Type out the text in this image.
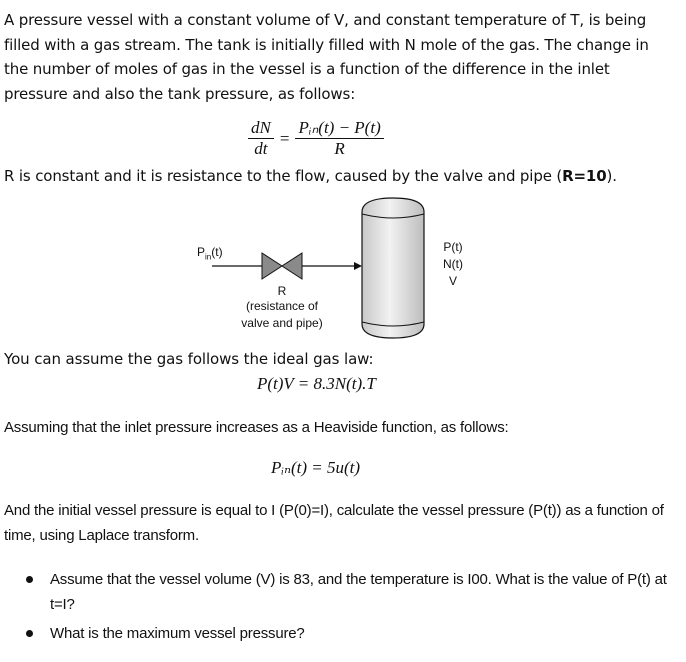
A pressure vessel with a constant volume of V, and constant temperature of T, is being filled with a gas stream. The tank is initially filled with N mole of the gas. The change in the number of moles of gas in the vessel is a function of the difference in the inlet pressure and also the tank pressure, as follows:
$\frac{dN}{dt} = \frac{\text{Pᵢₙ(t) − P(t)}}{R}$
R is constant and it is resistance to the flow, caused by the valve and pipe (R=10).
$P_{in}(t)$
R
(resistance of
valve and pipe)
P(t)
N(t)
V
You can assume the gas follows the ideal gas law:
P(t)V = 8.3N(t).T
Assuming that the inlet pressure increases as a Heaviside function, as follows:
Pᵢₙ(t) = 5u(t)
And the initial vessel pressure is equal to I (P(0)=I), calculate the vessel pressure (P(t)) as a function of time, using Laplace transform.
Assume that the vessel volume (V) is 83, and the temperature is I00. What is the value of P(t) at t=I?
What is the maximum vessel pressure?
